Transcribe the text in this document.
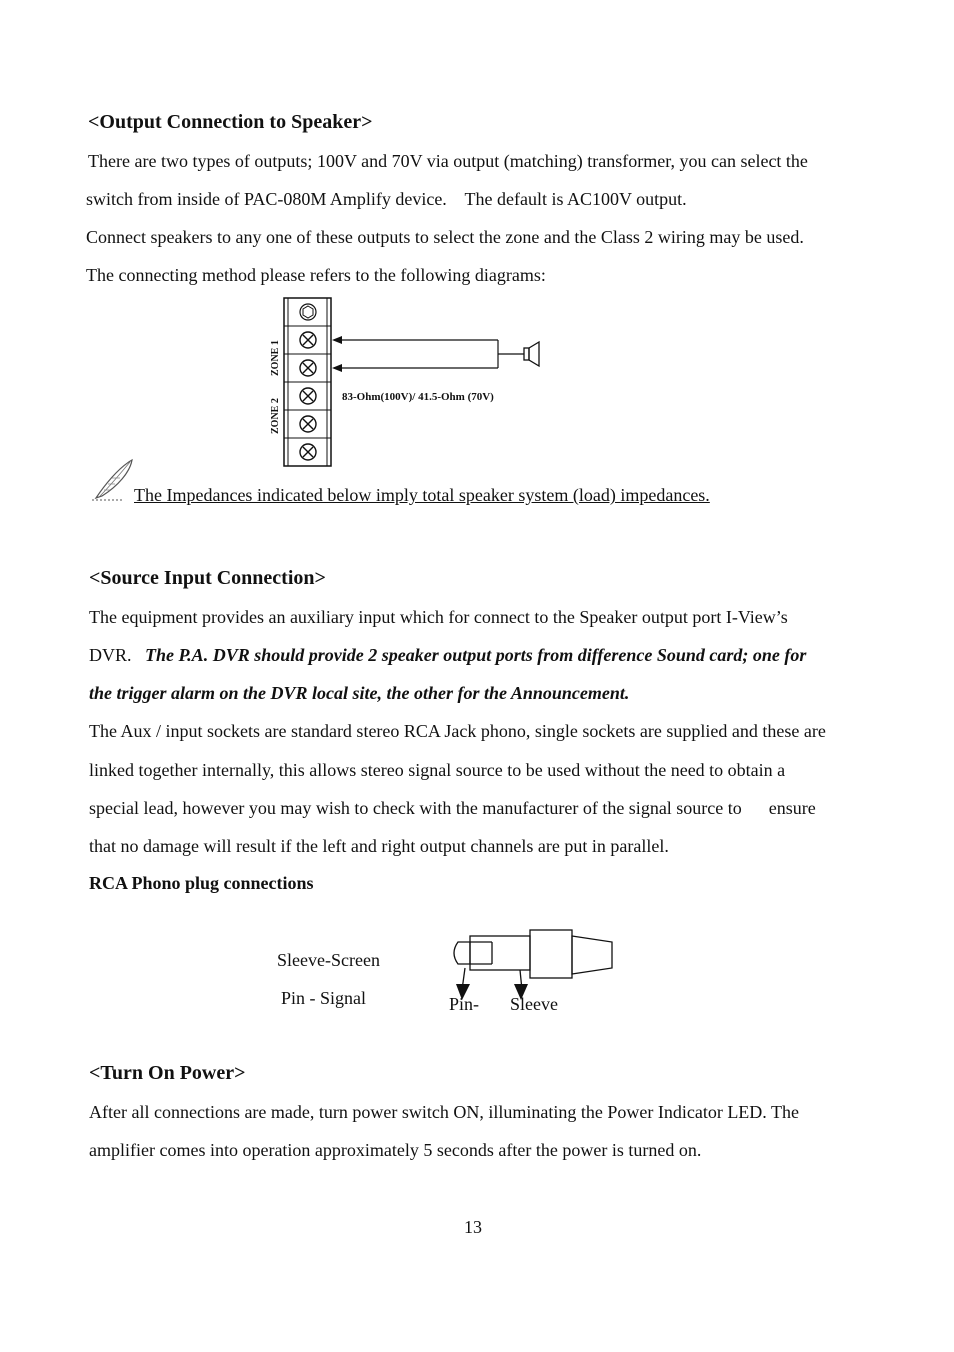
<Output Connection to Speaker>
There are two types of outputs; 100V and 70V via output (matching) transformer, you can select the
switch from inside of PAC-080M Amplify device.    The default is AC100V output.
Connect speakers to any one of these outputs to select the zone and the Class 2 wiring may be used.
The connecting method please refers to the following diagrams:
ZONE 1
ZONE 2
83-Ohm(100V)/ 41.5-Ohm (70V)
The Impedances indicated below imply total speaker system (load) impedances.
<Source Input Connection>
The equipment provides an auxiliary input which for connect to the Speaker output port I-View’s
DVR.   The P.A. DVR should provide 2 speaker output ports from difference Sound card; one for
the trigger alarm on the DVR local site, the other for the Announcement.
The Aux / input sockets are standard stereo RCA Jack phono, single sockets are supplied and these are
linked together internally, this allows stereo signal source to be used without the need to obtain a
special lead, however you may wish to check with the manufacturer of the signal source to      ensure
that no damage will result if the left and right output channels are put in parallel.
RCA Phono plug connections
Sleeve-Screen
Pin - Signal	Pin- Sleeve
<Turn On Power>
After all connections are made, turn power switch ON, illuminating the Power Indicator LED. The
amplifier comes into operation approximately 5 seconds after the power is turned on.
13
